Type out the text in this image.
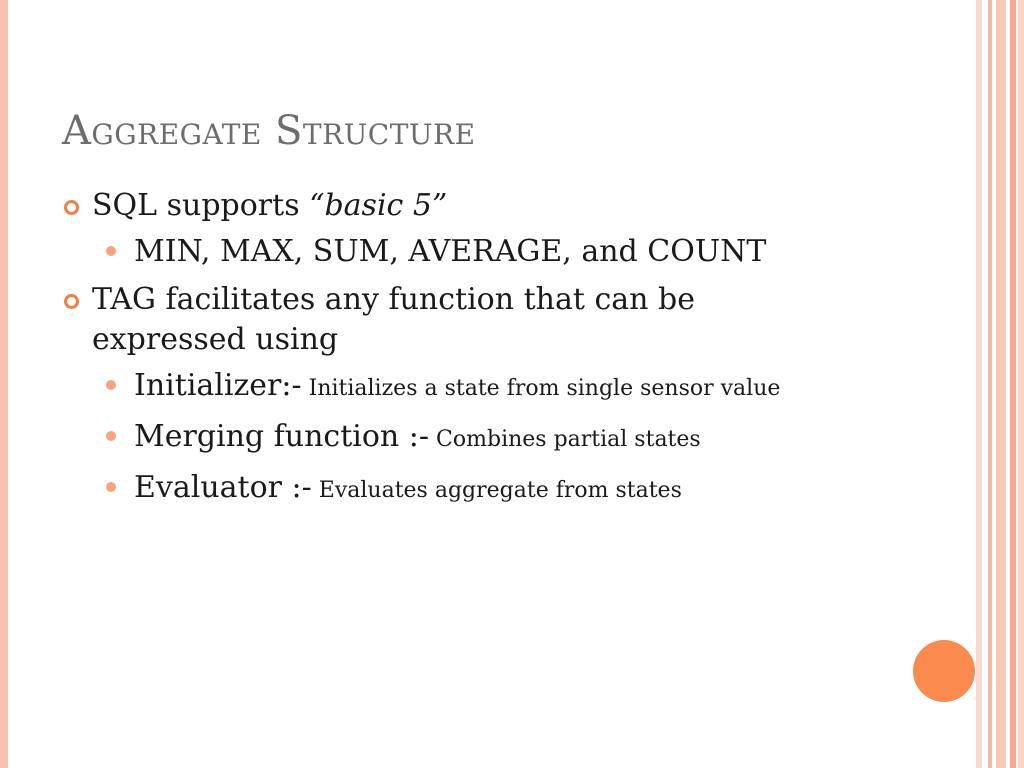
Aggregate Structure
SQL supports “basic 5”
MIN, MAX, SUM, AVERAGE, and COUNT
TAG facilitates any function that can be expressed using
Initializer:- Initializes a state from single sensor value
Merging function :- Combines partial states
Evaluator :- Evaluates aggregate from states
